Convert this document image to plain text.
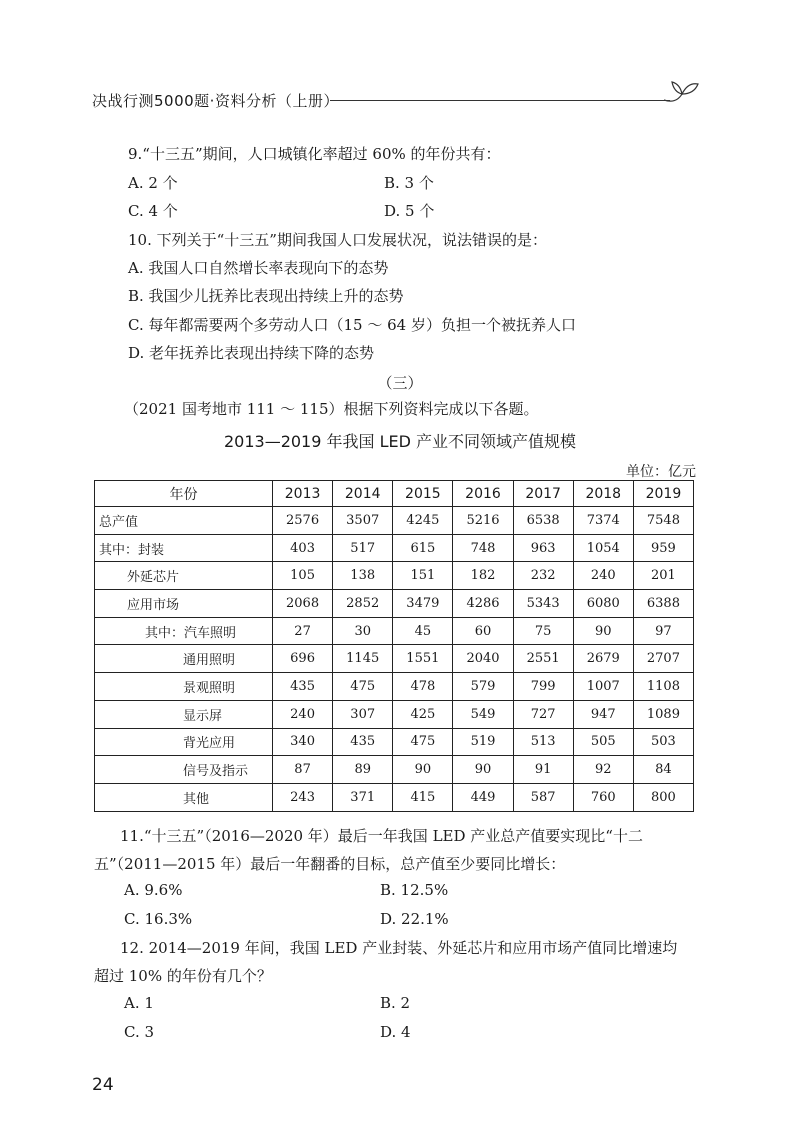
决战行测5000题·资料分析（上册）
9.“十三五”期间，人口城镇化率超过 60% 的年份共有：
A. 2 个	B. 3 个
C. 4 个	D. 5 个
10. 下列关于“十三五”期间我国人口发展状况，说法错误的是：
A. 我国人口自然增长率表现向下的态势
B. 我国少儿抚养比表现出持续上升的态势
C. 每年都需要两个多劳动人口（15 ～ 64 岁）负担一个被抚养人口
D. 老年抚养比表现出持续下降的态势
（三）
（2021 国考地市 111 ～ 115）根据下列资料完成以下各题。
2013—2019 年我国 LED 产业不同领域产值规模
单位：亿元
年份	2013	2014	2015	2016	2017	2018	2019
总产值	2576	3507	4245	5216	6538	7374	7548
其中：封装	403	517	615	748	963	1054	959
外延芯片	105	138	151	182	232	240	201
应用市场	2068	2852	3479	4286	5343	6080	6388
其中：汽车照明	27	30	45	60	75	90	97
通用照明	696	1145	1551	2040	2551	2679	2707
景观照明	435	475	478	579	799	1007	1108
显示屏	240	307	425	549	727	947	1089
背光应用	340	435	475	519	513	505	503
信号及指示	87	89	90	90	91	92	84
其他	243	371	415	449	587	760	800
11.“十三五”（2016—2020 年）最后一年我国 LED 产业总产值要实现比“十二
五”（2011—2015 年）最后一年翻番的目标，总产值至少要同比增长：
A. 9.6%	B. 12.5%
C. 16.3%	D. 22.1%
12. 2014—2019 年间，我国 LED 产业封装、外延芯片和应用市场产值同比增速均
超过 10% 的年份有几个？
A. 1	B. 2
C. 3	D. 4
24
